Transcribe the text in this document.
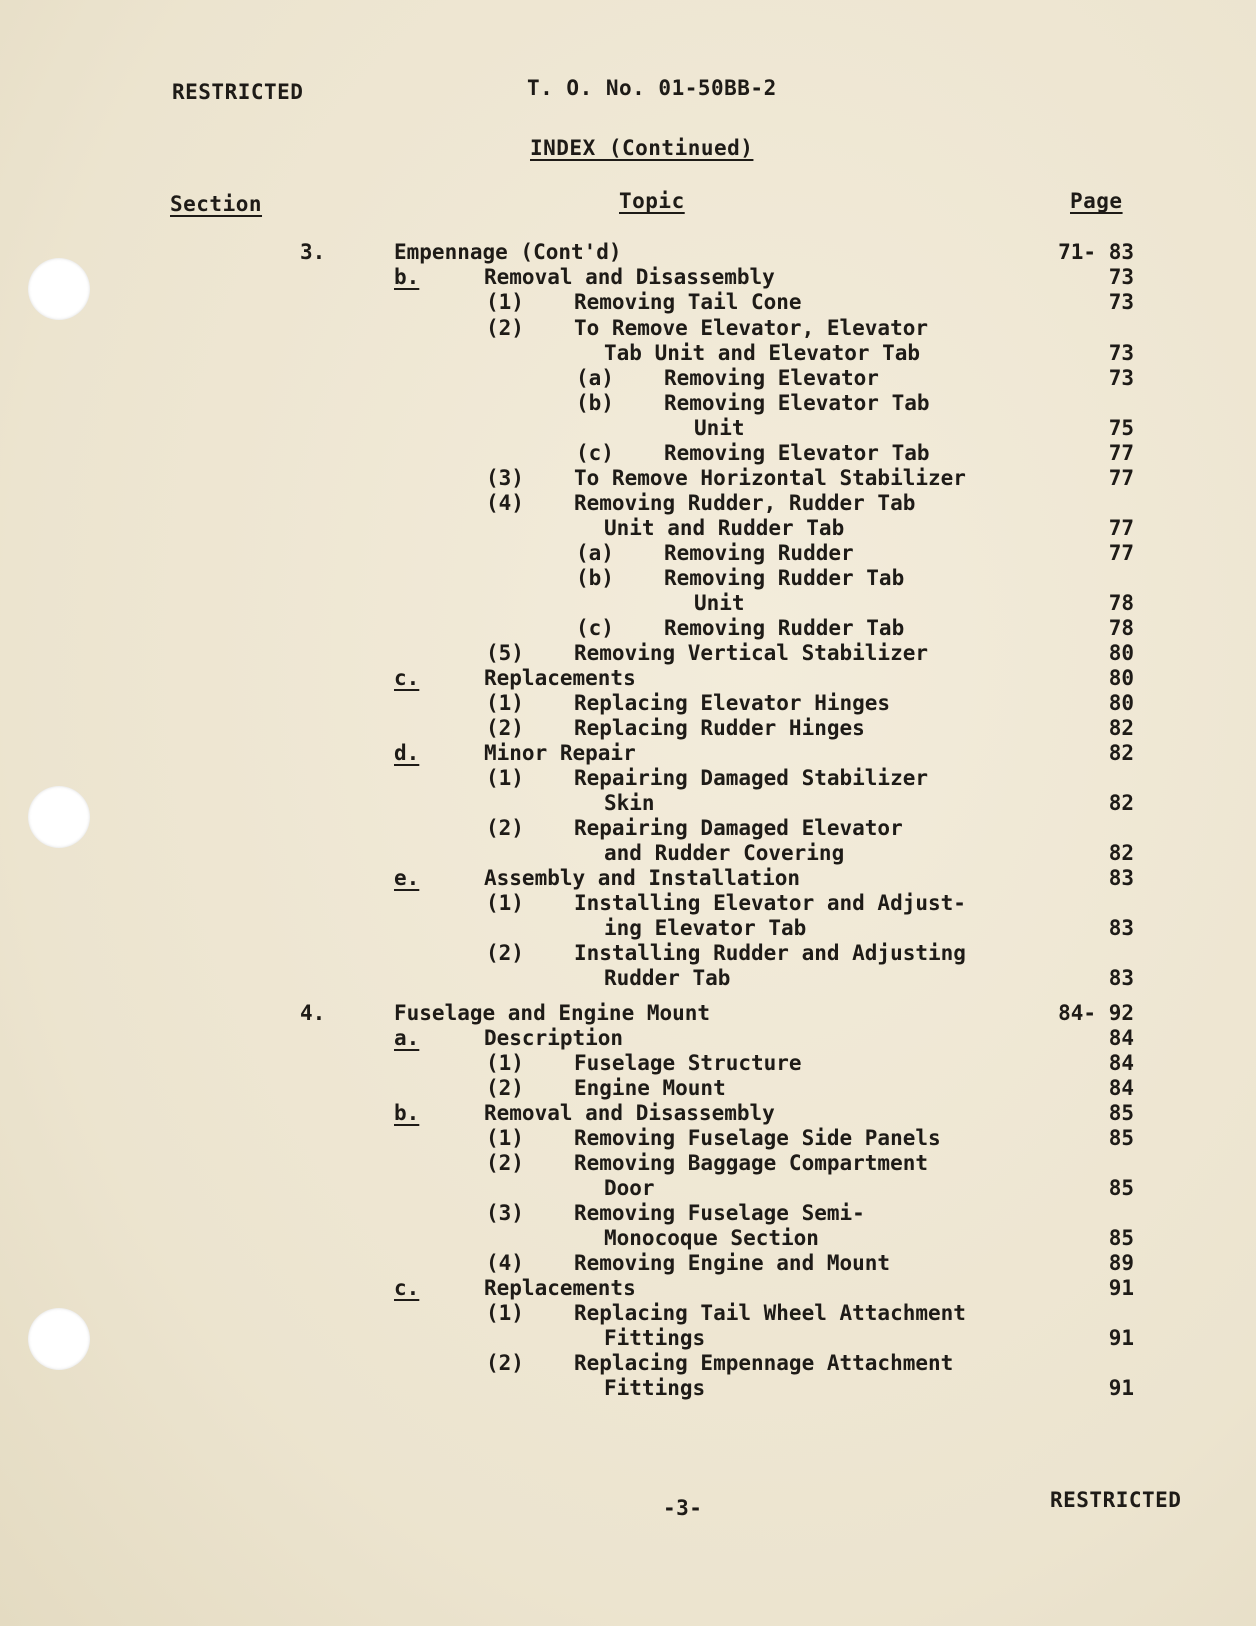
RESTRICTED	T. O. No. 01-50BB-2
INDEX (Continued)
Section	Topic	Page
3.	Empennage (Cont'd)	71- 83
b.	Removal and Disassembly	73
(1) Removing Tail Cone	73
(2) To Remove Elevator, Elevator
Tab Unit and Elevator Tab	73
(a) Removing Elevator	73
(b) Removing Elevator Tab
Unit	75
(c) Removing Elevator Tab	77
(3) To Remove Horizontal Stabilizer	77
(4) Removing Rudder, Rudder Tab
Unit and Rudder Tab	77
(a) Removing Rudder	77
(b) Removing Rudder Tab
Unit	78
(c) Removing Rudder Tab	78
(5) Removing Vertical Stabilizer	80
c.	Replacements	80
(1) Replacing Elevator Hinges	80
(2) Replacing Rudder Hinges	82
d.	Minor Repair	82
(1) Repairing Damaged Stabilizer
Skin	82
(2) Repairing Damaged Elevator
and Rudder Covering	82
e.	Assembly and Installation	83
(1) Installing Elevator and Adjust-
ing Elevator Tab	83
(2) Installing Rudder and Adjusting
Rudder Tab	83
4.	Fuselage and Engine Mount	84- 92
a.	Description	84
(1) Fuselage Structure	84
(2) Engine Mount	84
b.	Removal and Disassembly	85
(1) Removing Fuselage Side Panels	85
(2) Removing Baggage Compartment
Door	85
(3) Removing Fuselage Semi-
Monocoque Section	85
(4) Removing Engine and Mount	89
c.	Replacements	91
(1) Replacing Tail Wheel Attachment
Fittings	91
(2) Replacing Empennage Attachment
Fittings	91
-3-	RESTRICTED
